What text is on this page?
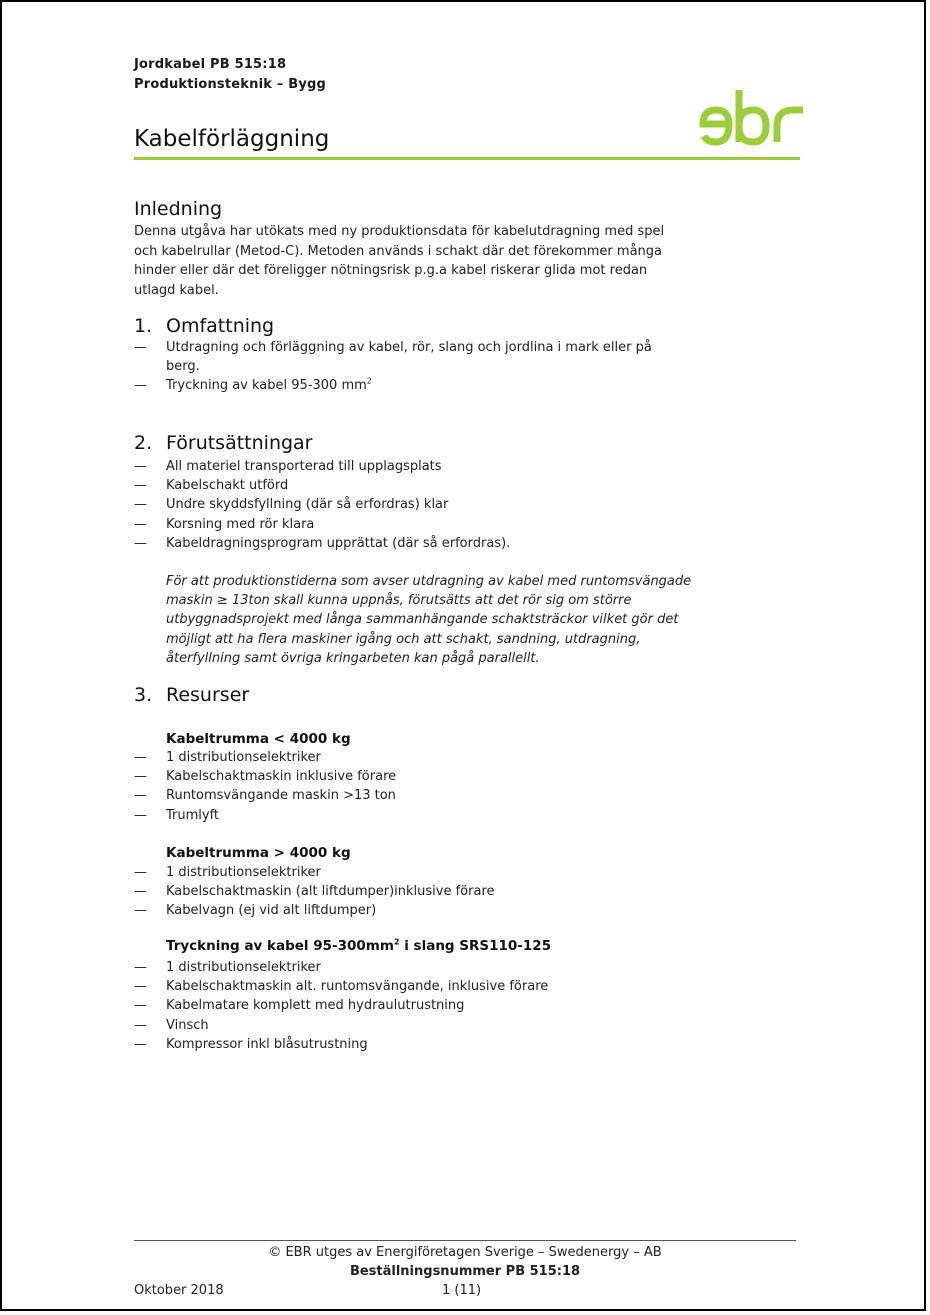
Jordkabel PB 515:18
Produktionsteknik – Bygg
Kabelförläggning
Inledning
Denna utgåva har utökats med ny produktionsdata för kabelutdragning med spel
och kabelrullar (Metod-C). Metoden används i schakt där det förekommer många
hinder eller där det föreligger nötningsrisk p.g.a kabel riskerar glida mot redan
utlagd kabel.
1. Omfattning
— Utdragning och förläggning av kabel, rör, slang och jordlina i mark eller på
berg.
— Tryckning av kabel 95-300 $mm^2$
2. Förutsättningar
— All materiel transporterad till upplagsplats
— Kabelschakt utförd
— Undre skyddsfyllning (där så erfordras) klar
— Korsning med rör klara
— Kabeldragningsprogram upprättat (där så erfordras).
För att produktionstiderna som avser utdragning av kabel med runtomsvängade
maskin ≥ 13ton skall kunna uppnås, förutsätts att det rör sig om större
utbyggnadsprojekt med långa sammanhängande schaktsträckor vilket gör det
möjligt att ha flera maskiner igång och att schakt, sandning, utdragning,
återfyllning samt övriga kringarbeten kan pågå parallellt.
3. Resurser
Kabeltrumma < 4000 kg
— 1 distributionselektriker
— Kabelschaktmaskin inklusive förare
— Runtomsvängande maskin >13 ton
— Trumlyft
Kabeltrumma > 4000 kg
— 1 distributionselektriker
— Kabelschaktmaskin (alt liftdumper)inklusive förare
— Kabelvagn (ej vid alt liftdumper)
Tryckning av kabel $95-300mm^2$ i slang SRS110-125
— 1 distributionselektriker
— Kabelschaktmaskin alt. runtomsvängande, inklusive förare
— Kabelmatare komplett med hydraulutrustning
— Vinsch
— Kompressor inkl blåsutrustning
© EBR utges av Energiföretagen Sverige – Swedenergy – AB
Beställningsnummer PB 515:18
Oktober 2018	1 (11)
